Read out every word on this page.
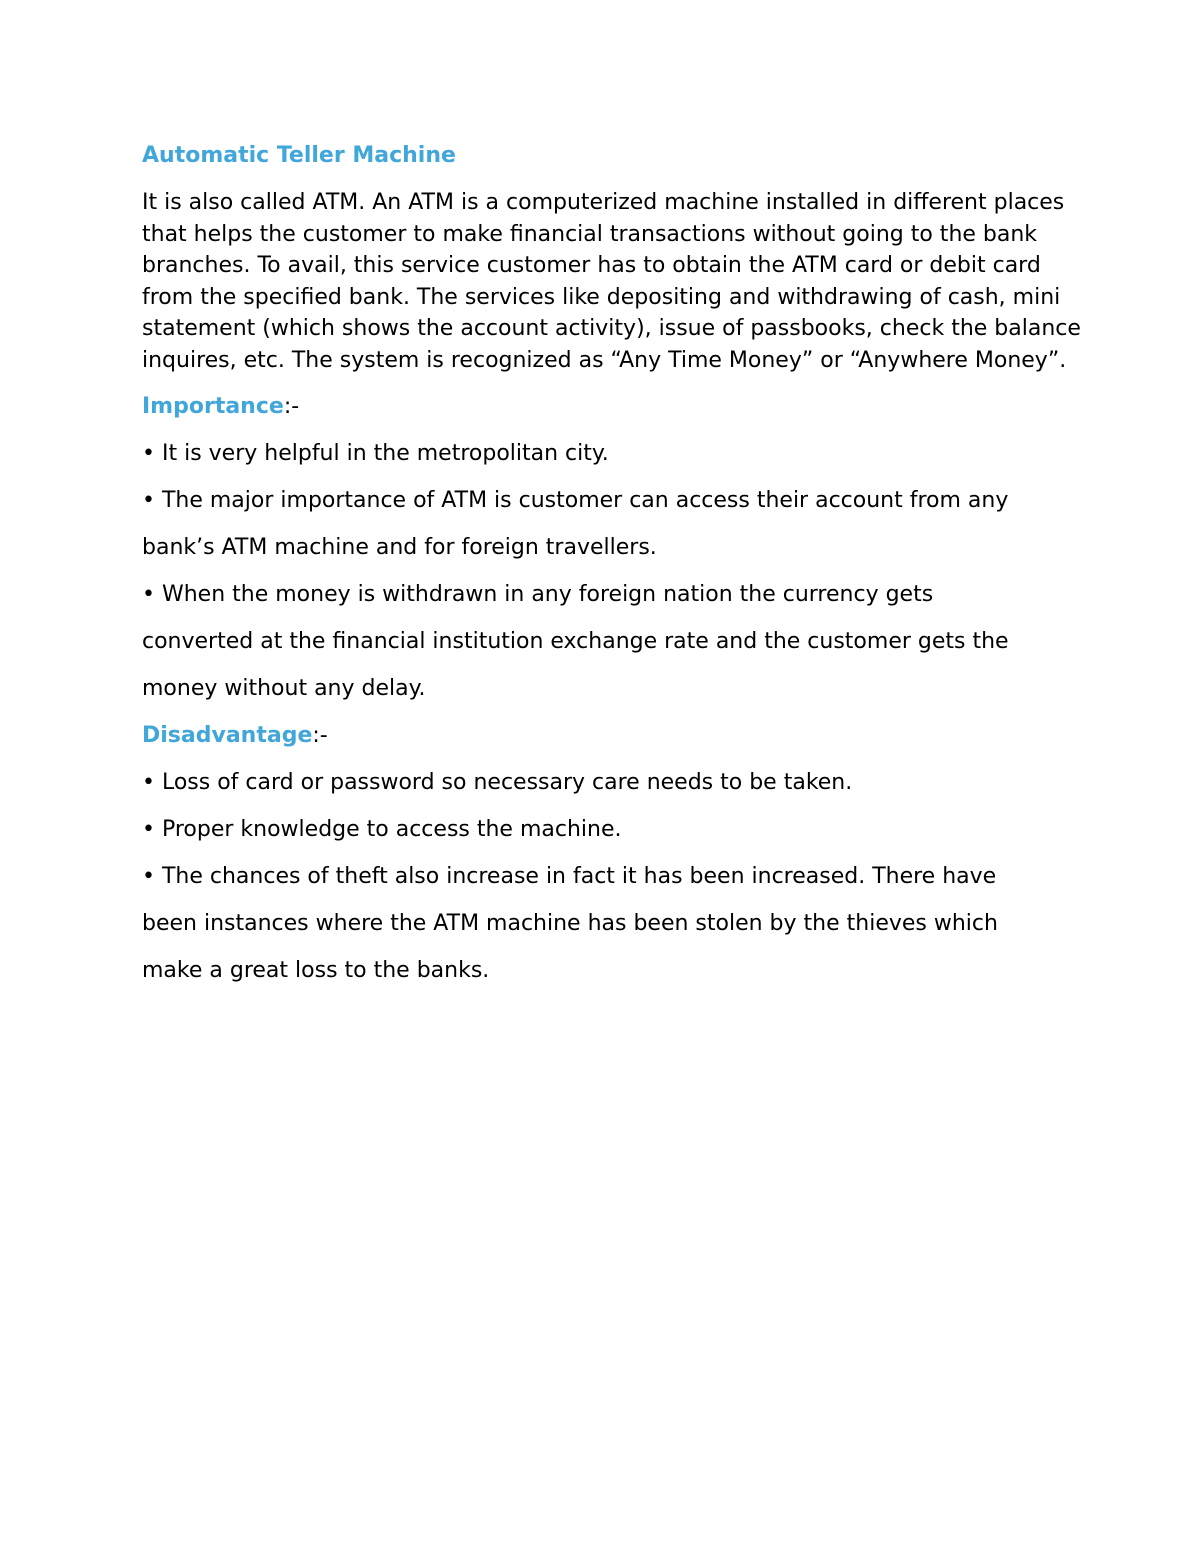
Automatic Teller Machine

It is also called ATM. An ATM is a computerized machine installed in different places that helps the customer to make financial transactions without going to the bank branches. To avail, this service customer has to obtain the ATM card or debit card from the specified bank. The services like depositing and withdrawing of cash, mini statement (which shows the account activity), issue of passbooks, check the balance inquires, etc. The system is recognized as “Any Time Money” or “Anywhere Money”.

Importance:-

• It is very helpful in the metropolitan city.

• The major importance of ATM is customer can access their account from any

bank’s ATM machine and for foreign travellers.

• When the money is withdrawn in any foreign nation the currency gets

converted at the financial institution exchange rate and the customer gets the

money without any delay.

Disadvantage:-

• Loss of card or password so necessary care needs to be taken.

• Proper knowledge to access the machine.

• The chances of theft also increase in fact it has been increased. There have

been instances where the ATM machine has been stolen by the thieves which

make a great loss to the banks.
